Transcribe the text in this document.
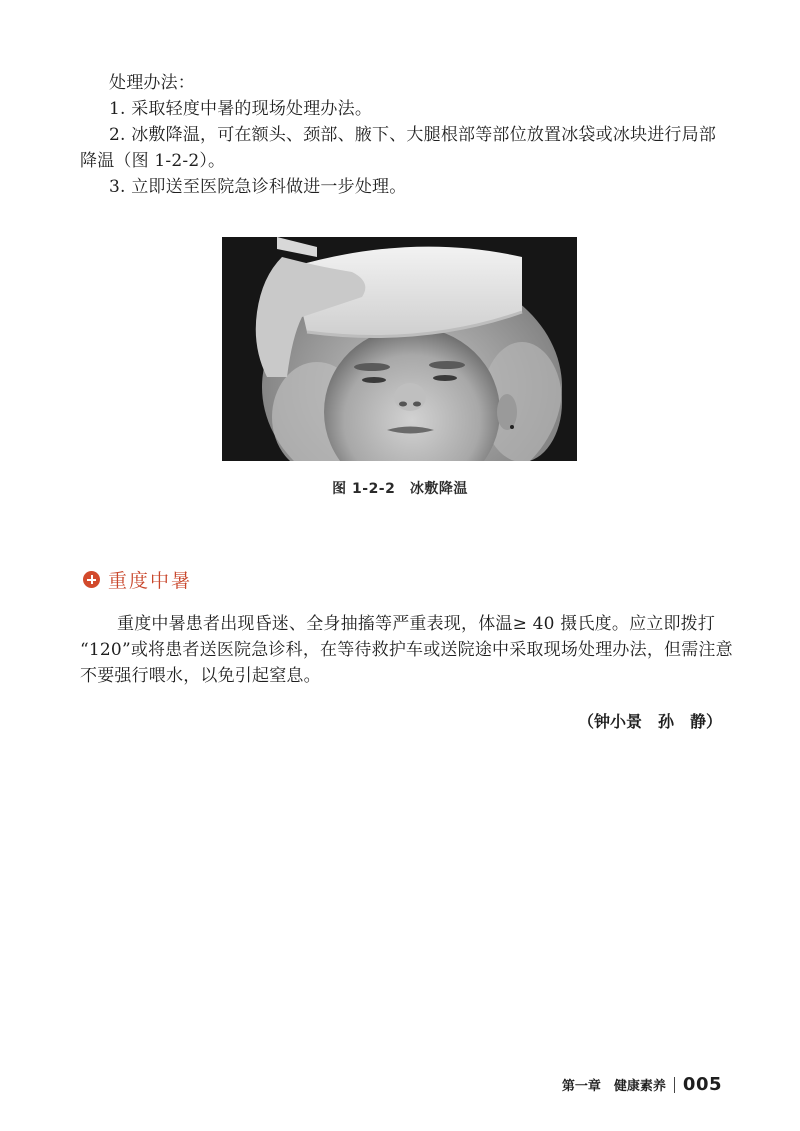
处理办法：
1. 采取轻度中暑的现场处理办法。
2. 冰敷降温，可在额头、颈部、腋下、大腿根部等部位放置冰袋或冰块进行局部
降温（图 1-2-2）。
3. 立即送至医院急诊科做进一步处理。
图 1-2-2　冰敷降温
重度中暑
重度中暑患者出现昏迷、全身抽搐等严重表现，体温≥ 40 摄氏度。应立即拨打
“120”或将患者送医院急诊科，在等待救护车或送院途中采取现场处理办法，但需注意
不要强行喂水，以免引起窒息。
（钟小景　孙　静）
第一章　健康素养 005
